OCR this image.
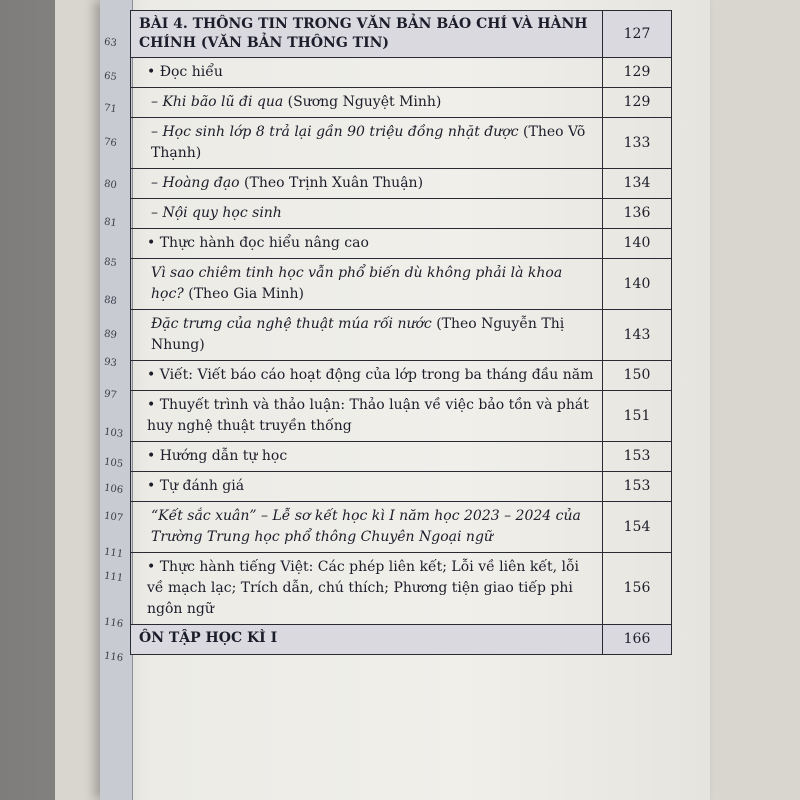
63
65
71
76
80
81
85
88
89
93
97
103
105
106
107
111
111
116
116
BÀI 4. THÔNG TIN TRONG VĂN BẢN BÁO CHÍ VÀ HÀNH CHÍNH (VĂN BẢN THÔNG TIN)	127
• Đọc hiểu	129
– Khi bão lũ đi qua (Sương Nguyệt Minh)	129
– Học sinh lớp 8 trả lại gần 90 triệu đồng nhặt được (Theo Võ Thạnh)	133
– Hoàng đạo (Theo Trịnh Xuân Thuận)	134
– Nội quy học sinh	136
• Thực hành đọc hiểu nâng cao	140
Vì sao chiêm tinh học vẫn phổ biến dù không phải là khoa học? (Theo Gia Minh)	140
Đặc trưng của nghệ thuật múa rối nước (Theo Nguyễn Thị Nhung)	143
• Viết: Viết báo cáo hoạt động của lớp trong ba tháng đầu năm	150
• Thuyết trình và thảo luận: Thảo luận về việc bảo tồn và phát huy nghệ thuật truyền thống	151
• Hướng dẫn tự học	153
• Tự đánh giá	153
“Kết sắc xuân” – Lễ sơ kết học kì I năm học 2023 – 2024 của Trường Trung học phổ thông Chuyên Ngoại ngữ	154
• Thực hành tiếng Việt: Các phép liên kết; Lỗi về liên kết, lỗi về mạch lạc; Trích dẫn, chú thích; Phương tiện giao tiếp phi ngôn ngữ	156
ÔN TẬP HỌC KÌ I	166
